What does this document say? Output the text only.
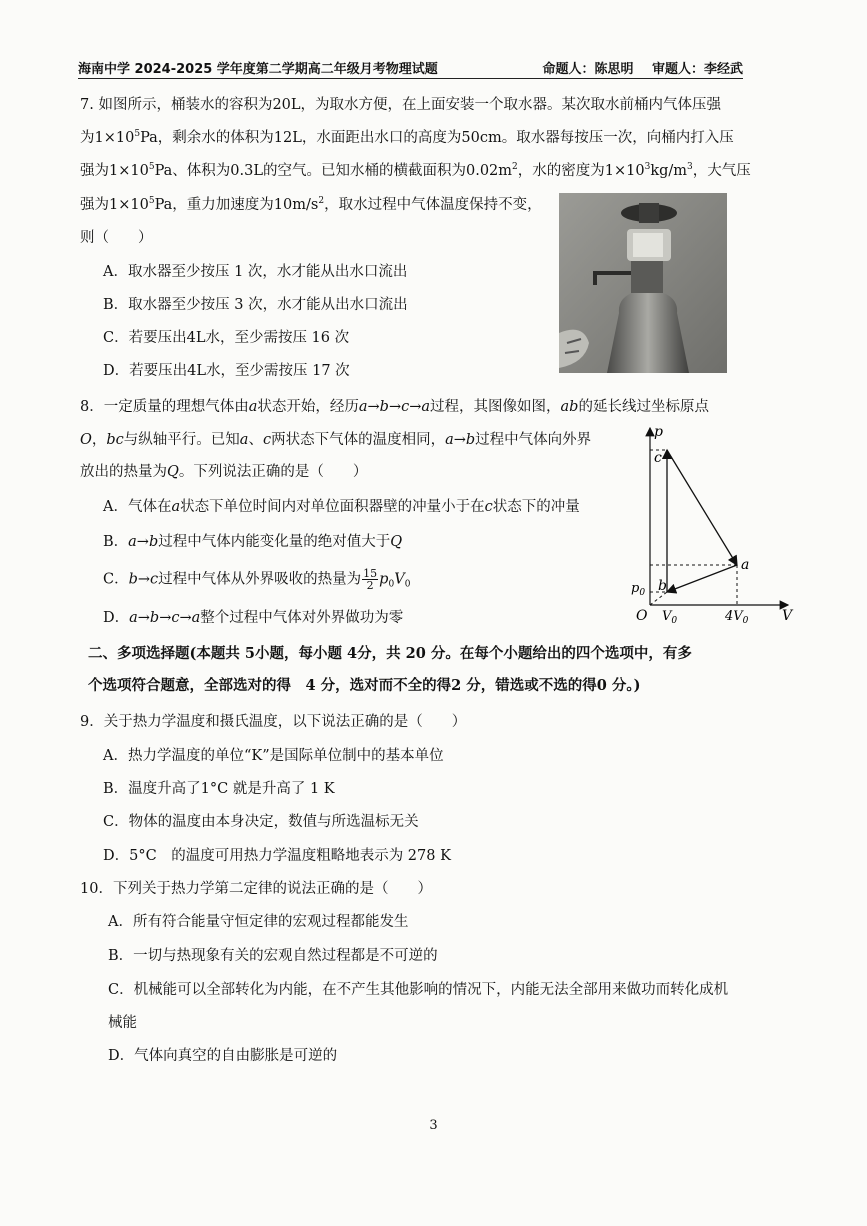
海南中学 2024-2025 学年度第二学期高二年级月考物理试题	命题人：陈思明 审题人：李经武
7. 如图所示，桶装水的容积为20L，为取水方便，在上面安装一个取水器。某次取水前桶内气体压强
为$1\times 10^5Pa$，剩余水的体积为12L，水面距出水口的高度为50cm。取水器每按压一次，向桶内打入压
强为$1\times 10^5Pa$、体积为0.3L的空气。已知水桶的横截面积为$0.02m^2$，水的密度为$1\times 10^3kg/m^3$，大气压
强为$1\times 10^5Pa$，重力加速度为$10m/s^2$，取水过程中气体温度保持不变，
则（　　）
A．取水器至少按压 1 次，水才能从出水口流出
B．取水器至少按压 3 次，水才能从出水口流出
C．若要压出4L水，至少需按压 16 次
D．若要压出4L水，至少需按压 17 次
8．一定质量的理想气体由a状态开始，经历a→b→c→a过程，其图像如图，ab的延长线过坐标原点
O，bc与纵轴平行。已知a、c两状态下气体的温度相同，a→b过程中气体向外界
放出的热量为Q。下列说法正确的是（　　）
A．气体在a状态下单位时间内对单位面积器壁的冲量小于在c状态下的冲量
B．a→b过程中气体内能变化量的绝对值大于Q
C．b→c过程中气体从外界吸收的热量为 $\frac{15}{2} p_0V_0$
D．a→b→c→a整个过程中气体对外界做功为零
p
V
O
c
a
b
$p_0$
$V_0$	$4V_0$
二、多项选择题(本题共 5小题，每小题 4分，共 20 分。在每个小题给出的四个选项中，有多
个选项符合题意，全部选对的得　4 分，选对而不全的得2 分，错选或不选的得0 分。)
9．关于热力学温度和摄氏温度，以下说法正确的是（　　）
A．热力学温度的单位“K”是国际单位制中的基本单位
B．温度升高了1°C 就是升高了 1 K
C．物体的温度由本身决定，数值与所选温标无关
D．5°C　的温度可用热力学温度粗略地表示为 278 K
10．下列关于热力学第二定律的说法正确的是（　　）
A．所有符合能量守恒定律的宏观过程都能发生
B．一切与热现象有关的宏观自然过程都是不可逆的
C．机械能可以全部转化为内能，在不产生其他影响的情况下，内能无法全部用来做功而转化成机
械能
D．气体向真空的自由膨胀是可逆的
3
